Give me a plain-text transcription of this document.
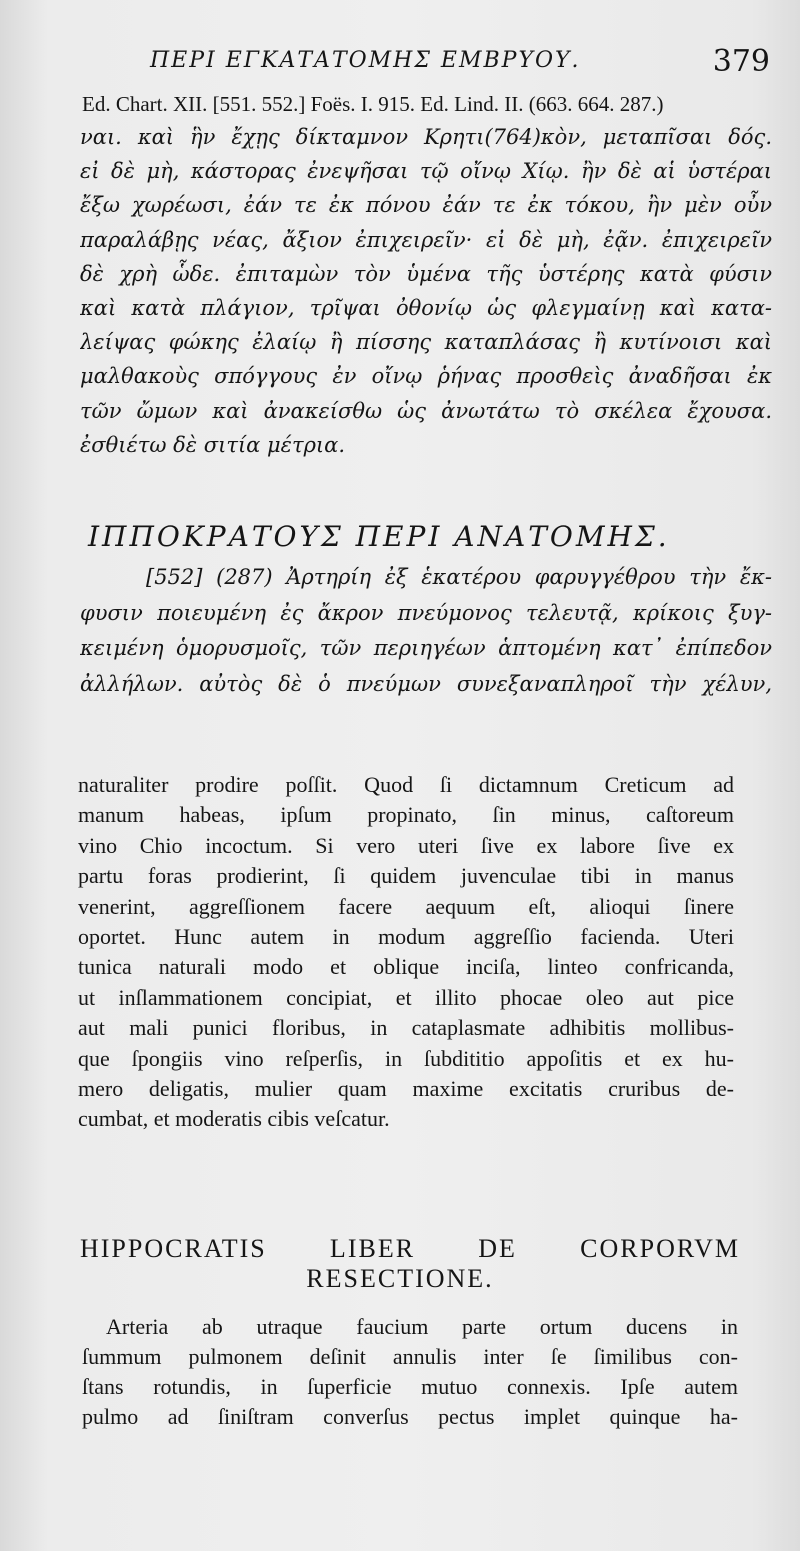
ΠΕΡΙ ΕΓΚΑΤΑΤΟΜΗΣ ΕΜΒΡΥΟΥ.	379
Ed. Chart. XII. [551. 552.] Foës. I. 915. Ed. Lind. II. (663. 664. 287.)
ναι. καὶ ἣν ἔχῃς δίκταμνον Κρητι(764)κὸν, μεταπῖσαι δός.
εἰ δὲ μὴ, κάστορας ἐνεψῆσαι τῷ οἴνῳ Χίῳ. ἢν δὲ αἱ ὑστέραι
ἔξω χωρέωσι, ἐάν τε ἐκ πόνου ἐάν τε ἐκ τόκου, ἢν μὲν οὖν
παραλάβῃς νέας, ἄξιον ἐπιχειρεῖν· εἰ δὲ μὴ, ἐᾷν. ἐπιχειρεῖν
δὲ χρὴ ὧδε. ἐπιταμὼν τὸν ὑμένα τῆς ὑστέρης κατὰ φύσιν
καὶ κατὰ πλάγιον, τρῖψαι ὀθονίῳ ὡς φλεγμαίνῃ καὶ κατα-
λείψας φώκης ἐλαίῳ ἢ πίσσης καταπλάσας ἢ κυτίνοισι καὶ
μαλθακοὺς σπόγγους ἐν οἴνῳ ῥήνας προσθεὶς ἀναδῆσαι ἐκ
τῶν ὤμων καὶ ἀνακείσθω ὡς ἀνωτάτω τὸ σκέλεα ἔχουσα.
ἐσθιέτω δὲ σιτία μέτρια.
ΙΠΠΟΚΡΑΤΟΥΣ ΠΕΡΙ ΑΝΑΤΟΜΗΣ.
[552] (287) Ἀρτηρίη ἐξ ἑκατέρου φαρυγγέθρου τὴν ἔκ-
φυσιν ποιευμένη ἐς ἄκρον πνεύμονος τελευτᾷ, κρίκοις ξυγ-
κειμένη ὁμορυσμοῖς, τῶν περιηγέων ἁπτομένη κατ᾽ ἐπίπεδον
ἀλλήλων. αὐτὸς δὲ ὁ πνεύμων συνεξαναπληροῖ τὴν χέλυν,
naturaliter prodire poſſit. Quod ſi dictamnum Creticum ad
manum habeas, ipſum propinato, ſin minus, caſtoreum
vino Chio incoctum. Si vero uteri ſive ex labore ſive ex
partu foras prodierint, ſi quidem juvenculae tibi in manus
venerint, aggreſſionem facere aequum eſt, alioqui ſinere
oportet. Hunc autem in modum aggreſſio facienda. Uteri
tunica naturali modo et oblique inciſa, linteo confricanda,
ut inſlammationem concipiat, et illito phocae oleo aut pice
aut mali punici floribus, in cataplasmate adhibitis mollibus-
que ſpongiis vino reſperſis, in ſubdititio appoſitis et ex hu-
mero deligatis, mulier quam maxime excitatis cruribus de-
cumbat, et moderatis cibis veſcatur.
HIPPOCRATIS LIBER DE CORPORVM
RESECTIONE.
Arteria ab utraque faucium parte ortum ducens in
ſummum pulmonem deſinit annulis inter ſe ſimilibus con-
ſtans rotundis, in ſuperficie mutuo connexis. Ipſe autem
pulmo ad ſiniſtram converſus pectus implet quinque ha-
